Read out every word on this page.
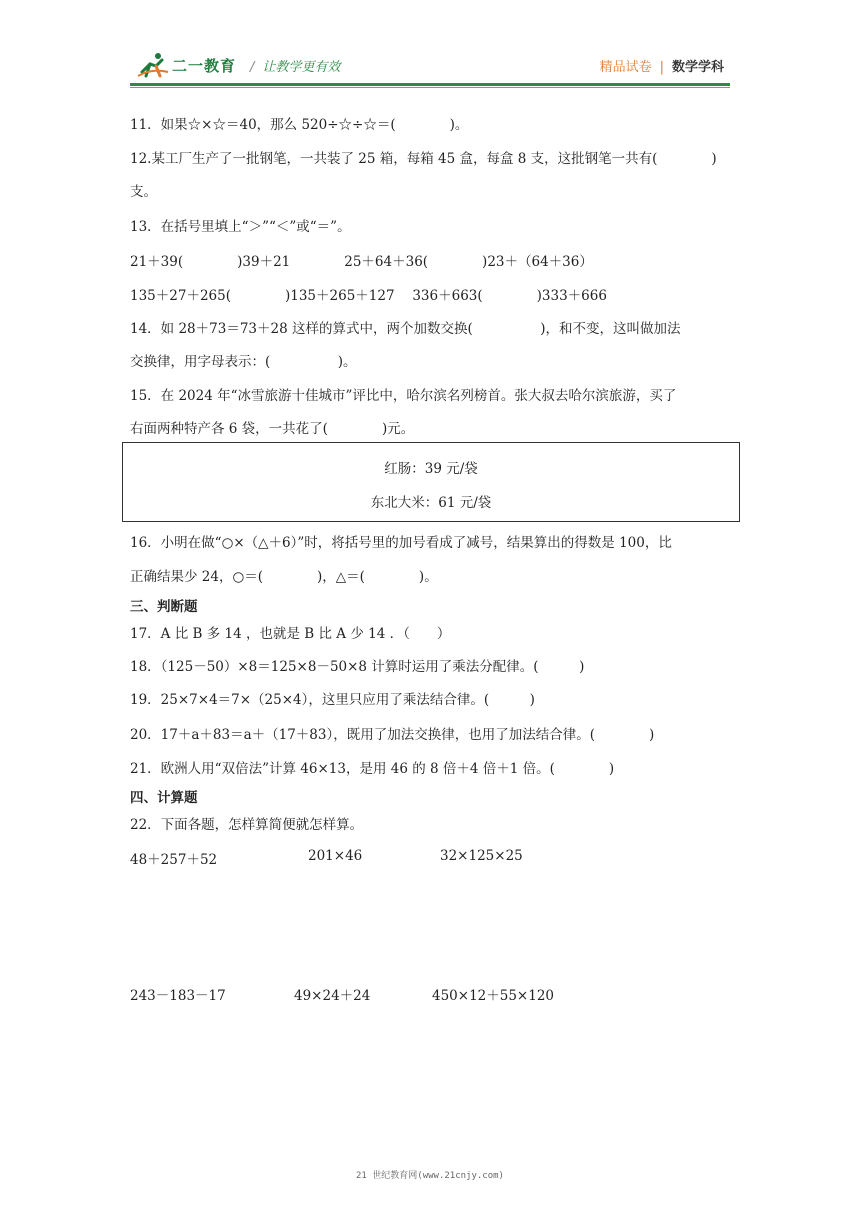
二一教育 / 让教学更有效	精品试卷 | 数学学科
11．如果☆×☆＝40，那么 520÷☆÷☆＝(　　　　)。
12.某工厂生产了一批钢笔，一共装了 25 箱，每箱 45 盒，每盒 8 支，这批钢笔一共有(　　　　)
支。
13．在括号里填上“＞”“＜”或“＝”。
21＋39(　　　　)39＋21　　　　25＋64＋36(　　　　)23＋（64＋36）
135＋27＋265(　　　　)135＋265＋127　 336＋663(　　　　)333＋666
14．如 28＋73＝73＋28 这样的算式中，两个加数交换(　　　　　)，和不变，这叫做加法
交换律，用字母表示：(　　　　　)。
15．在 2024 年“冰雪旅游十佳城市”评比中，哈尔滨名列榜首。张大叔去哈尔滨旅游，买了
右面两种特产各 6 袋，一共花了(　　　　)元。
红肠：39 元/袋
东北大米：61 元/袋
16．小明在做“○×（△＋6）”时，将括号里的加号看成了减号，结果算出的得数是 100，比
正确结果少 24，○＝(　　　　)，△＝(　　　　)。
三、判断题
17．A 比 B 多 14 ，也就是 B 比 A 少 14 ．（　　）
18．（125－50）×8＝125×8－50×8 计算时运用了乘法分配律。(　　　)
19．25×7×4＝7×（25×4），这里只应用了乘法结合律。(　　　)
20．17＋a＋83＝a＋（17＋83），既用了加法交换律，也用了加法结合律。(　　　　)
21．欧洲人用“双倍法”计算 46×13，是用 46 的 8 倍＋4 倍＋1 倍。(　　　　)
四、计算题
22．下面各题，怎样算简便就怎样算。
48＋257＋52	201×46	32×125×25
243－183－17	49×24＋24	450×12＋55×120
21 世纪教育网(www.21cnjy.com)
